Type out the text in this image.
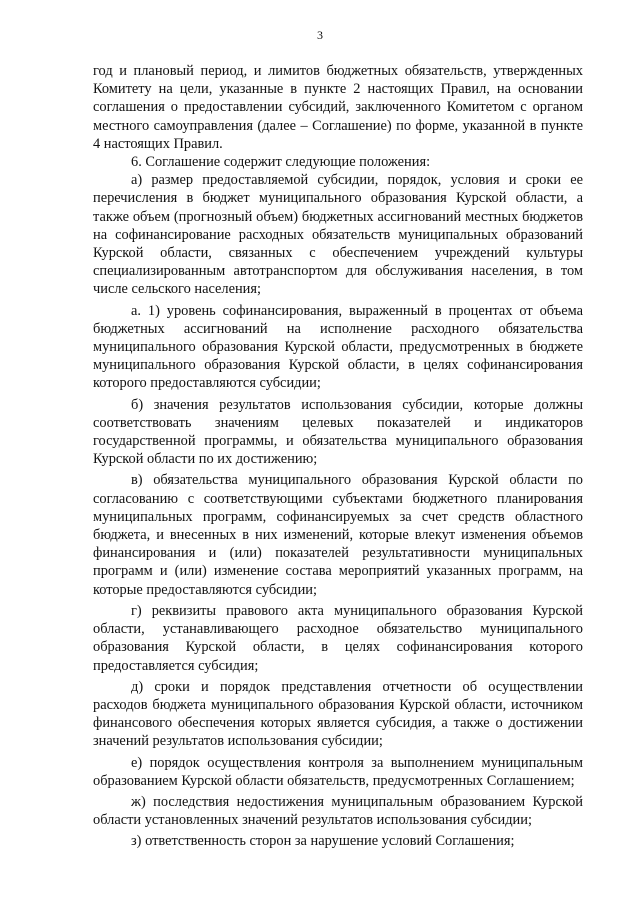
3

год и плановый период, и лимитов бюджетных обязательств, утвержденных Комитету на цели, указанные в пункте 2 настоящих Правил, на основании соглашения о предоставлении субсидий, заключенного Комитетом с органом местного самоуправления (далее – Соглашение) по форме, указанной в пункте 4 настоящих Правил.

6. Соглашение содержит следующие положения:

а) размер предоставляемой субсидии, порядок, условия и сроки ее перечисления в бюджет муниципального образования Курской области, а также объем (прогнозный объем) бюджетных ассигнований местных бюджетов на софинансирование расходных обязательств муниципальных образований Курской области, связанных с обеспечением учреждений культуры специализированным автотранспортом для обслуживания населения, в том числе сельского населения;

а. 1) уровень софинансирования, выраженный в процентах от объема бюджетных ассигнований на исполнение расходного обязательства муниципального образования Курской области, предусмотренных в бюджете муниципального образования Курской области, в целях софинансирования которого предоставляются субсидии;

б) значения результатов использования субсидии, которые должны соответствовать значениям целевых показателей и индикаторов государственной программы, и обязательства муниципального образования Курской области по их достижению;

в) обязательства муниципального образования Курской области по согласованию с соответствующими субъектами бюджетного планирования муниципальных программ, софинансируемых за счет средств областного бюджета, и внесенных в них изменений, которые влекут изменения объемов финансирования и (или) показателей результативности муниципальных программ и (или) изменение состава мероприятий указанных программ, на которые предоставляются субсидии;

г) реквизиты правового акта муниципального образования Курской области, устанавливающего расходное обязательство муниципального образования Курской области, в целях софинансирования которого предоставляется субсидия;

д) сроки и порядок представления отчетности об осуществлении расходов бюджета муниципального образования Курской области, источником финансового обеспечения которых является субсидия, а также о достижении значений результатов использования субсидии;

е) порядок осуществления контроля за выполнением муниципальным образованием Курской области обязательств, предусмотренных Соглашением;

ж) последствия недостижения муниципальным образованием Курской области установленных значений результатов использования субсидии;

з) ответственность сторон за нарушение условий Соглашения;
